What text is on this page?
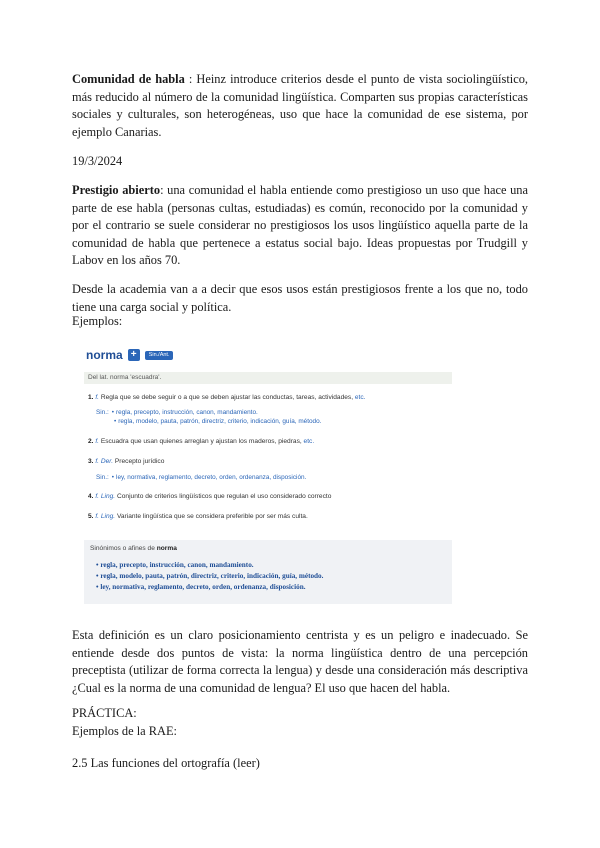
Comunidad de habla : Heinz introduce criterios desde el punto de vista sociolingüístico, más reducido al número de la comunidad lingüística. Comparten sus propias características sociales y culturales, son heterogéneas, uso que hace la comunidad de ese sistema, por ejemplo Canarias.

19/3/2024

Prestigio abierto: una comunidad el habla entiende como prestigioso un uso que hace una parte de ese habla (personas cultas, estudiadas) es común, reconocido por la comunidad y por el contrario se suele considerar no prestigiosos los usos lingüístico aquella parte de la comunidad de habla que pertenece a estatus social bajo. Ideas propuestas por Trudgill y Labov en los años 70.

Desde la academia van a a decir que esos usos están prestigiosos frente a los que no, todo tiene una carga social y política.

Ejemplos:

norma +	Sin./Ant.
Del lat. norma 'escuadra'.
1. f. Regla que se debe seguir o a que se deben ajustar las conductas, tareas, actividades, etc.
Sin.: • regla, precepto, instrucción, canon, mandamiento.
• regla, modelo, pauta, patrón, directriz, criterio, indicación, guía, método.
2. f. Escuadra que usan quienes arreglan y ajustan los maderos, piedras, etc.
3. f. Der. Precepto jurídico
Sin.: • ley, normativa, reglamento, decreto, orden, ordenanza, disposición.
4. f. Ling. Conjunto de criterios lingüísticos que regulan el uso considerado correcto
5. f. Ling. Variante lingüística que se considera preferible por ser más culta.
Sinónimos o afines de norma
• regla, precepto, instrucción, canon, mandamiento.
• regla, modelo, pauta, patrón, directriz, criterio, indicación, guía, método.
• ley, normativa, reglamento, decreto, orden, ordenanza, disposición.

Esta definición es un claro posicionamiento centrista y es un peligro e inadecuado. Se entiende desde dos puntos de vista: la norma lingüística dentro de una percepción preceptista (utilizar de forma correcta la lengua) y desde una consideración más descriptiva ¿Cual es la norma de una comunidad de lengua? El uso que hacen del habla.

PRÁCTICA:

Ejemplos de la RAE:

2.5 Las funciones del ortografía (leer)
